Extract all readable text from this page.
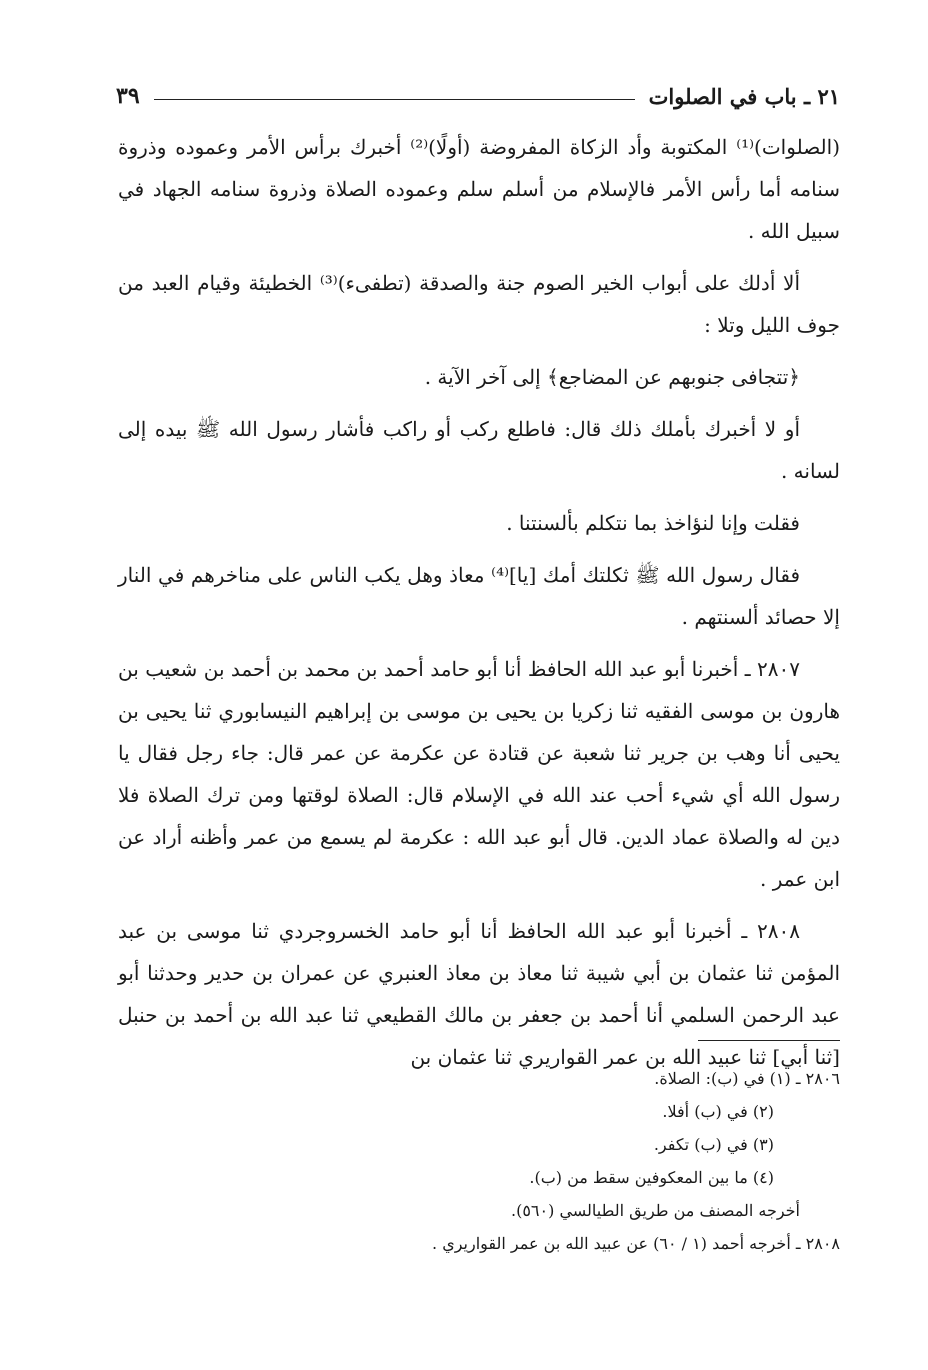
٢١ ـ باب في الصلوات
٣٩

(الصلوات)⁽¹⁾ المكتوبة وأد الزكاة المفروضة (أولًا)⁽²⁾ أخبرك برأس الأمر وعموده وذروة سنامه أما رأس الأمر فالإسلام من أسلم سلم وعموده الصلاة وذروة سنامه الجهاد في سبيل الله .

ألا أدلك على أبواب الخير الصوم جنة والصدقة (تطفىء)⁽³⁾ الخطيئة وقيام العبد من جوف الليل وتلا :

﴿تتجافى جنوبهم عن المضاجع﴾ إلى آخر الآية .

أو لا أخبرك بأملك ذلك قال: فاطلع ركب أو راكب فأشار رسول الله ﷺ بيده إلى لسانه .

فقلت وإنا لنؤاخذ بما نتكلم بألسنتنا .

فقال رسول الله ﷺ ثكلتك أمك [يا]⁽⁴⁾ معاذ وهل يكب الناس على مناخرهم في النار إلا حصائد ألسنتهم .

٢٨٠٧ ـ أخبرنا أبو عبد الله الحافظ أنا أبو حامد أحمد بن محمد بن أحمد بن شعيب بن هارون بن موسى الفقيه ثنا زكريا بن يحيى بن موسى بن إبراهيم النيسابوري ثنا يحيى بن يحيى أنا وهب بن جرير ثنا شعبة عن قتادة عن عكرمة عن عمر قال: جاء رجل فقال يا رسول الله أي شيء أحب عند الله في الإسلام قال: الصلاة لوقتها ومن ترك الصلاة فلا دين له والصلاة عماد الدين. قال أبو عبد الله : عكرمة لم يسمع من عمر وأظنه أراد عن ابن عمر .

٢٨٠٨ ـ أخبرنا أبو عبد الله الحافظ أنا أبو حامد الخسروجردي ثنا موسى بن عبد المؤمن ثنا عثمان بن أبي شيبة ثنا معاذ بن معاذ العنبري عن عمران بن حدير وحدثنا أبو عبد الرحمن السلمي أنا أحمد بن جعفر بن مالك القطيعي ثنا عبد الله بن أحمد بن حنبل [ثنا أبي] ثنا عبيد الله بن عمر القواريري ثنا عثمان بن

٢٨٠٦ ـ (١) في (ب): الصلاة.
(٢) في (ب) أفلا.
(٣) في (ب) تكفر.
(٤) ما بين المعكوفين سقط من (ب).
أخرجه المصنف من طريق الطيالسي (٥٦٠).
٢٨٠٨ ـ أخرجه أحمد (١ / ٦٠) عن عبيد الله بن عمر القواريري .
